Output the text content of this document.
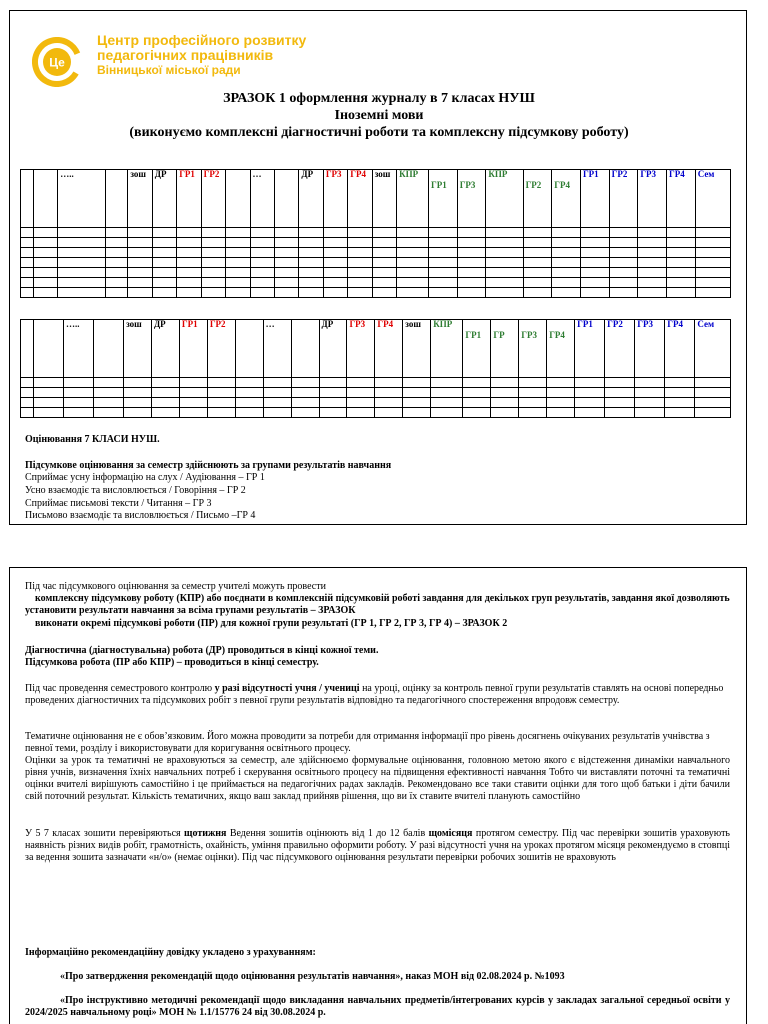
Це
Центр професійного розвитку
педагогічних працівників
Вінницької міської ради
ЗРАЗОК 1 оформлення журналу в 7 класах НУШ
Іноземні мови
(виконуємо комплексні діагностичні роботи та комплексну підсумкову роботу)
		…..		зош	ДР	ГР1	ГР2		…		ДР	ГР3	ГР4	зош	КПР	ГР1	ГР3	КПР	ГР2	ГР4	ГР1	ГР2	ГР3	ГР4	Сем

		…..		зош	ДР	ГР1	ГР2		…		ДР	ГР3	ГР4	зош	КПР	ГР1	ГР	ГР3	ГР4	ГР1	ГР2	ГР3	ГР4	Сем

Оцінювання 7 КЛАСИ НУШ.
Підсумкове оцінювання за семестр здійснюють за групами результатів навчання
Сприймає усну інформацію на слух / Аудіювання – ГР 1
Усно взаємодіє та висловлюється / Говоріння – ГР 2
Сприймає письмові тексти / Читання – ГР 3
Письмово взаємодіє та висловлюється / Письмо –ГР 4
Під час підсумкового оцінювання за семестр учителі можуть провести
комплексну підсумкову роботу (КПР) або поєднати в комплексній підсумковій роботі завдання для декількох груп результатів, завдання якої дозволяють установити результати навчання за всіма групами результатів – ЗРАЗОК
виконати окремі підсумкові роботи (ПР) для кожної групи результаті (ГР 1, ГР 2, ГР 3, ГР 4) – ЗРАЗОК 2
Діагностична (діагностувальна) робота (ДР) проводиться в кінці кожної теми.
Підсумкова робота (ПР або КПР) – проводиться в кінці семестру.
Під час проведення семестрового контролю у разі відсутності учня / учениці на уроці, оцінку за контроль певної групи результатів ставлять на основі попередньо проведених діагностичних та підсумкових робіт з певної групи результатів відповідно та педагогічного спостереження впродовж семестру.
Тематичне оцінювання не є обов’язковим. Його можна проводити за потреби для отримання інформації про рівень досягнень очікуваних результатів учнівства з певної теми, розділу і використовувати для коригування освітнього процесу.
Оцінки за урок та тематичні не враховуються за семестр, але здійснюємо формувальне оцінювання, головною метою якого є відстеження динаміки навчального рівня учнів, визначення їхніх навчальних потреб і скерування освітнього процесу на підвищення ефективності навчання Тобто чи виставляти поточні та тематичні оцінки вчителі вирішують самостійно і це приймається на педагогічних радах закладів. Рекомендовано все таки ставити оцінки для того щоб батьки і діти бачили свій поточний результат. Кількість тематичних, якщо ваш заклад прийняв рішення, що ви їх ставите вчителі планують самостійно
У 5 7 класах зошити перевіряються щотижня Ведення зошитів оцінюють від 1 до 12 балів щомісяця протягом семестру. Під час перевірки зошитів ураховують наявність різних видів робіт, грамотність, охайність, уміння правильно оформити роботу. У разі відсутності учня на уроках протягом місяця рекомендуємо в стовпці за ведення зошита зазначати «н/о» (немає оцінки). Під час підсумкового оцінювання результати перевірки робочих зошитів не враховують
Інформаційно рекомендаційну довідку укладено з урахуванням:
«Про затвердження рекомендацій щодо оцінювання результатів навчання», наказ МОН від 02.08.2024 р. №1093
«Про інструктивно методичні рекомендації щодо викладання навчальних предметів/інтегрованих курсів у закладах загальної середньої освіти у 2024/2025 навчальному році» МОН № 1.1/15776 24 від 30.08.2024 р.
